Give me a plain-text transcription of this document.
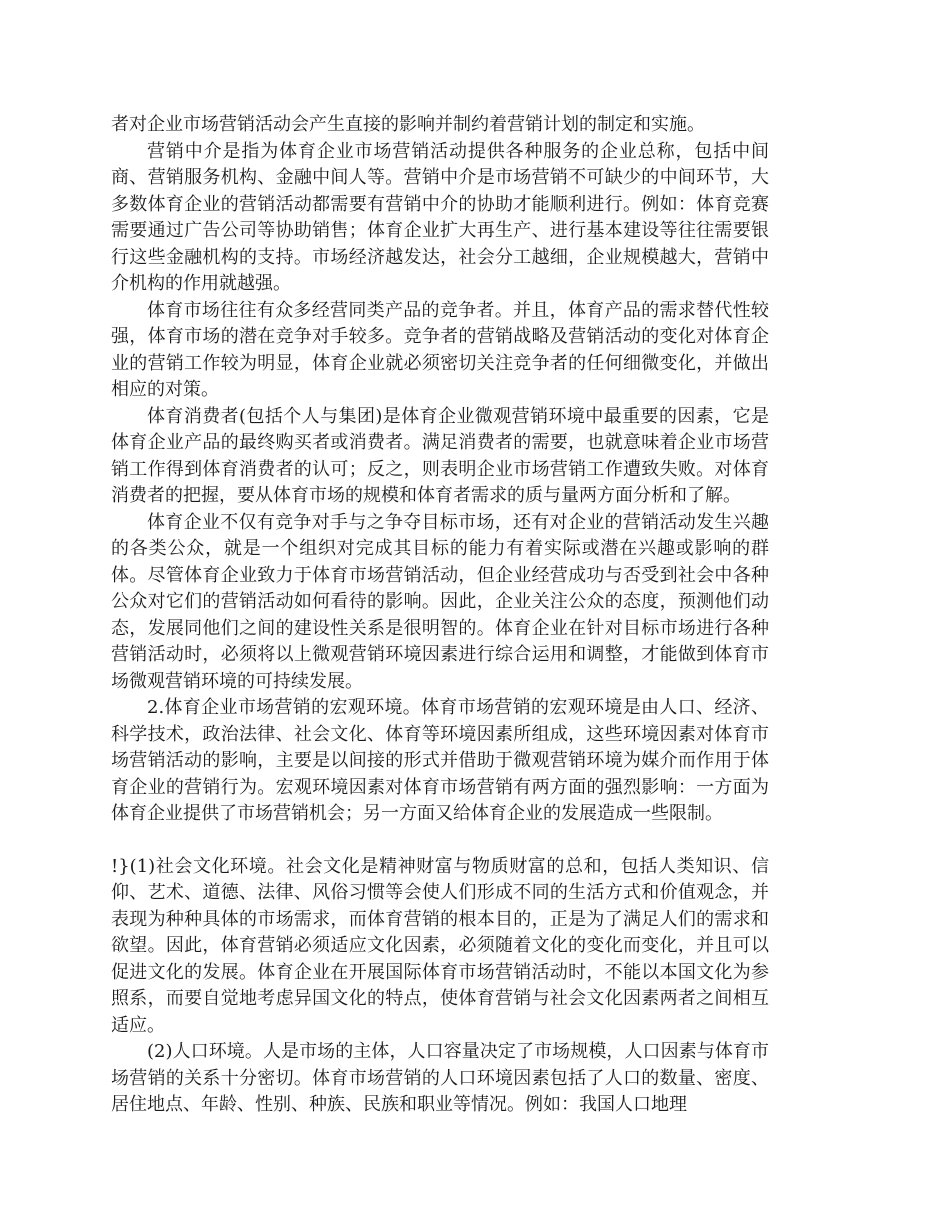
者对企业市场营销活动会产生直接的影响并制约着营销计划的制定和实施。

营销中介是指为体育企业市场营销活动提供各种服务的企业总称，包括中间商、营销服务机构、金融中间人等。营销中介是市场营销不可缺少的中间环节，大多数体育企业的营销活动都需要有营销中介的协助才能顺利进行。例如：体育竞赛需要通过广告公司等协助销售；体育企业扩大再生产、进行基本建设等往往需要银行这些金融机构的支持。市场经济越发达，社会分工越细，企业规模越大，营销中介机构的作用就越强。

体育市场往往有众多经营同类产品的竞争者。并且，体育产品的需求替代性较强，体育市场的潜在竞争对手较多。竞争者的营销战略及营销活动的变化对体育企业的营销工作较为明显，体育企业就必须密切关注竞争者的任何细微变化，并做出相应的对策。

体育消费者(包括个人与集团)是体育企业微观营销环境中最重要的因素，它是体育企业产品的最终购买者或消费者。满足消费者的需要，也就意味着企业市场营销工作得到体育消费者的认可；反之，则表明企业市场营销工作遭致失败。对体育消费者的把握，要从体育市场的规模和体育者需求的质与量两方面分析和了解。

体育企业不仅有竞争对手与之争夺目标市场，还有对企业的营销活动发生兴趣的各类公众，就是一个组织对完成其目标的能力有着实际或潜在兴趣或影响的群体。尽管体育企业致力于体育市场营销活动，但企业经营成功与否受到社会中各种公众对它们的营销活动如何看待的影响。因此，企业关注公众的态度，预测他们动态，发展同他们之间的建设性关系是很明智的。体育企业在针对目标市场进行各种营销活动时，必须将以上微观营销环境因素进行综合运用和调整，才能做到体育市场微观营销环境的可持续发展。

2.体育企业市场营销的宏观环境。体育市场营销的宏观环境是由人口、经济、科学技术，政治法律、社会文化、体育等环境因素所组成，这些环境因素对体育市场营销活动的影响，主要是以间接的形式并借助于微观营销环境为媒介而作用于体育企业的营销行为。宏观环境因素对体育市场营销有两方面的强烈影响：一方面为体育企业提供了市场营销机会；另一方面又给体育企业的发展造成一些限制。

!}(1)社会文化环境。社会文化是精神财富与物质财富的总和，包括人类知识、信仰、艺术、道德、法律、风俗习惯等会使人们形成不同的生活方式和价值观念，并表现为种种具体的市场需求，而体育营销的根本目的，正是为了满足人们的需求和欲望。因此，体育营销必须适应文化因素，必须随着文化的变化而变化，并且可以促进文化的发展。体育企业在开展国际体育市场营销活动时，不能以本国文化为参照系，而要自觉地考虑异国文化的特点，使体育营销与社会文化因素两者之间相互适应。

(2)人口环境。人是市场的主体，人口容量决定了市场规模，人口因素与体育市场营销的关系十分密切。体育市场营销的人口环境因素包括了人口的数量、密度、居住地点、年龄、性别、种族、民族和职业等情况。例如：我国人口地理
